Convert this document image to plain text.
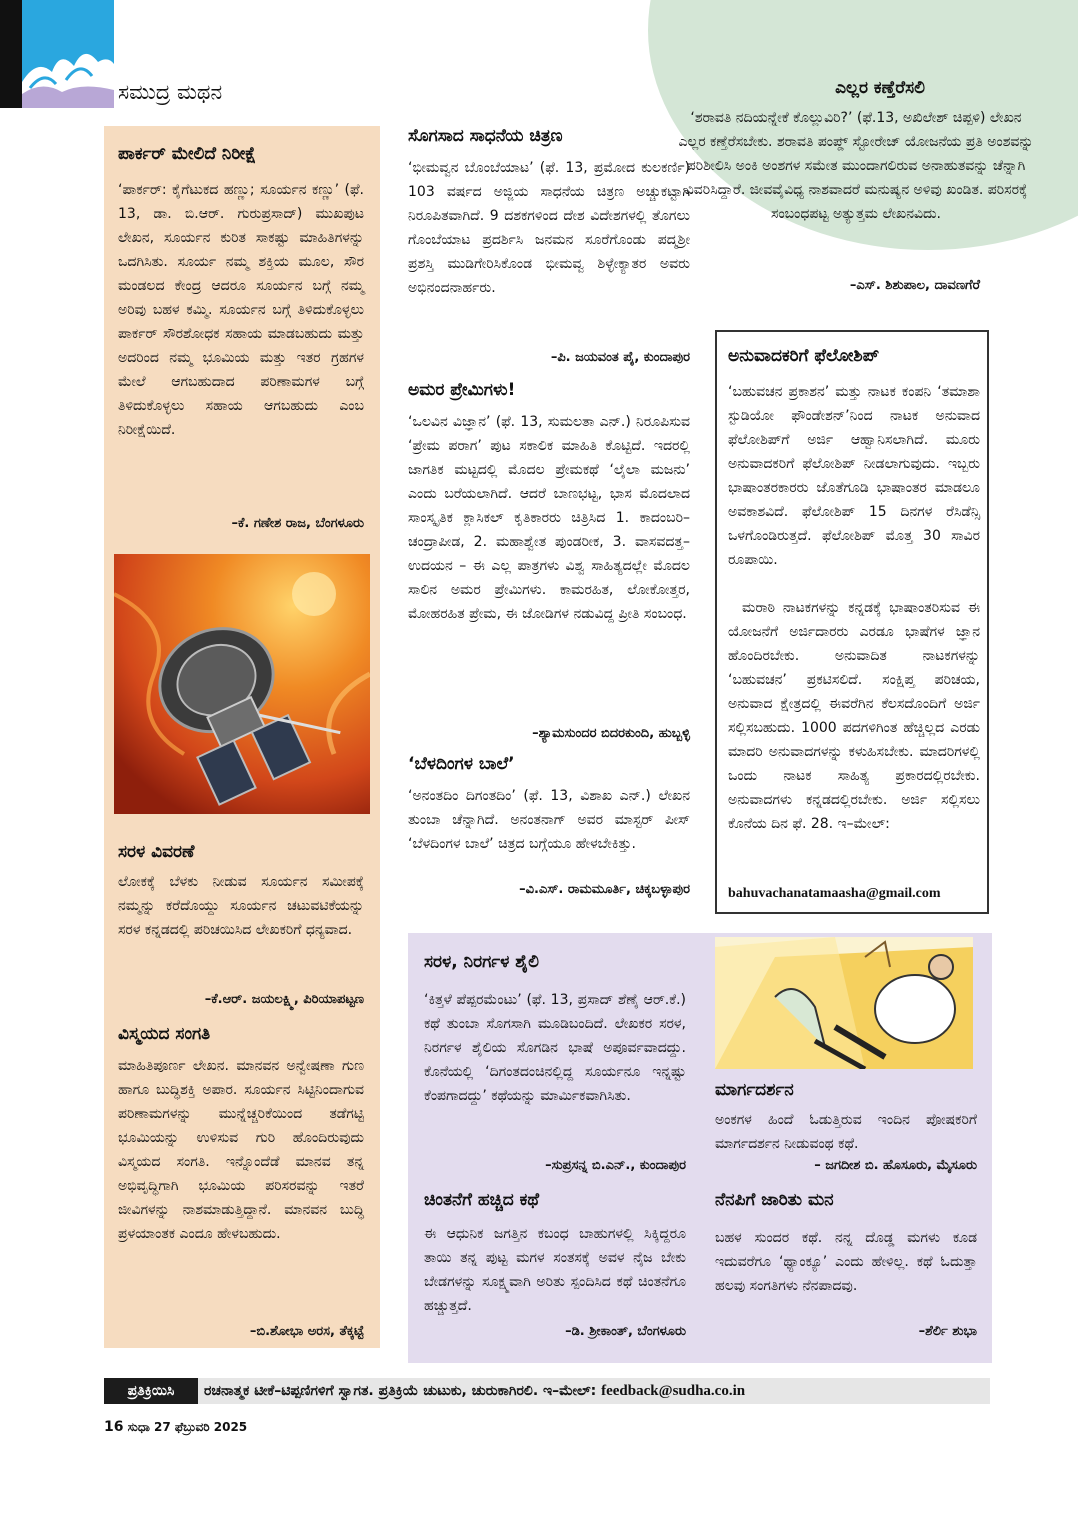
ಸಮುದ್ರ ಮಥನ
ಪಾರ್ಕರ್ ಮೇಲಿದೆ ನಿರೀಕ್ಷೆ

‘ಪಾರ್ಕರ್: ಕೈಗೆಟುಕದ ಹಣ್ಣು; ಸೂರ್ಯನ ಕಣ್ಣು’ (ಫೆ. 13, ಡಾ. ಬಿ.ಆರ್. ಗುರುಪ್ರಸಾದ್) ಮುಖಪುಟ ಲೇಖನ, ಸೂರ್ಯನ ಕುರಿತ ಸಾಕಷ್ಟು ಮಾಹಿತಿಗಳನ್ನು ಒದಗಿಸಿತು. ಸೂರ್ಯ ನಮ್ಮ ಶಕ್ತಿಯ ಮೂಲ, ಸೌರ ಮಂಡಲದ ಕೇಂದ್ರ ಆದರೂ ಸೂರ್ಯನ ಬಗ್ಗೆ ನಮ್ಮ ಅರಿವು ಬಹಳ ಕಮ್ಮಿ. ಸೂರ್ಯನ ಬಗ್ಗೆ ತಿಳಿದುಕೊಳ್ಳಲು ಪಾರ್ಕರ್ ಸೌರಶೋಧಕ ಸಹಾಯ ಮಾಡಬಹುದು ಮತ್ತು ಅದರಿಂದ ನಮ್ಮ ಭೂಮಿಯ ಮತ್ತು ಇತರ ಗ್ರಹಗಳ ಮೇಲೆ ಆಗಬಹುದಾದ ಪರಿಣಾಮಗಳ ಬಗ್ಗೆ ತಿಳಿದುಕೊಳ್ಳಲು ಸಹಾಯ ಆಗಬಹುದು ಎಂಬ ನಿರೀಕ್ಷೆಯಿದೆ.

–ಕೆ. ಗಣೇಶ ರಾಜ, ಬೆಂಗಳೂರು
ಸರಳ ವಿವರಣೆ

ಲೋಕಕ್ಕೆ ಬೆಳಕು ನೀಡುವ ಸೂರ್ಯನ ಸಮೀಪಕ್ಕೆ ನಮ್ಮನ್ನು ಕರೆದೊಯ್ದು ಸೂರ್ಯನ ಚಟುವಟಿಕೆಯನ್ನು ಸರಳ ಕನ್ನಡದಲ್ಲಿ ಪರಿಚಯಿಸಿದ ಲೇಖಕರಿಗೆ ಧನ್ಯವಾದ.

–ಕೆ.ಆರ್. ಜಯಲಕ್ಷ್ಮಿ, ಪಿರಿಯಾಪಟ್ಟಣ
ವಿಸ್ಮಯದ ಸಂಗತಿ

ಮಾಹಿತಿಪೂರ್ಣ ಲೇಖನ. ಮಾನವನ ಅನ್ವೇಷಣಾ ಗುಣ ಹಾಗೂ ಬುದ್ಧಿಶಕ್ತಿ ಅಪಾರ. ಸೂರ್ಯನ ಸಿಟ್ಟಿನಿಂದಾಗುವ ಪರಿಣಾಮಗಳನ್ನು ಮುನ್ನೆಚ್ಚರಿಕೆಯಿಂದ ತಡೆಗಟ್ಟಿ ಭೂಮಿಯನ್ನು ಉಳಿಸುವ ಗುರಿ ಹೊಂದಿರುವುದು ವಿಸ್ಮಯದ ಸಂಗತಿ. ಇನ್ನೊಂದೆಡೆ ಮಾನವ ತನ್ನ ಅಭಿವೃದ್ಧಿಗಾಗಿ ಭೂಮಿಯ ಪರಿಸರವನ್ನು ಇತರೆ ಜೀವಿಗಳನ್ನು ನಾಶಮಾಡುತ್ತಿದ್ದಾನೆ. ಮಾನವನ ಬುದ್ಧಿ ಪ್ರಳಯಾಂತಕ ಎಂದೂ ಹೇಳಬಹುದು.

–ಬಿ.ಶೋಭಾ ಅರಸ, ತೆಕ್ಕಟ್ಟೆ
ಸೊಗಸಾದ ಸಾಧನೆಯ ಚಿತ್ರಣ

‘ಭೀಮವ್ವನ ಬೊಂಬೆಯಾಟ’ (ಫೆ. 13, ಪ್ರಮೋದ ಕುಲಕರ್ಣಿ) 103 ವರ್ಷದ ಅಜ್ಜಿಯ ಸಾಧನೆಯ ಚಿತ್ರಣ ಅಚ್ಚುಕಟ್ಟಾಗಿ ನಿರೂಪಿತವಾಗಿದೆ. 9 ದಶಕಗಳಿಂದ ದೇಶ ವಿದೇಶಗಳಲ್ಲಿ ತೊಗಲು ಗೊಂಬೆಯಾಟ ಪ್ರದರ್ಶಿಸಿ ಜನಮನ ಸೂರೆಗೊಂಡು ಪದ್ಮಶ್ರೀ ಪ್ರಶಸ್ತಿ ಮುಡಿಗೇರಿಸಿಕೊಂಡ ಭೀಮವ್ವ ಶಿಳ್ಳೇಕ್ಯಾತರ ಅವರು ಅಭಿನಂದನಾರ್ಹರು.

–ಪಿ. ಜಯವಂತ ಪೈ, ಕುಂದಾಪುರ
ಅಮರ ಪ್ರೇಮಿಗಳು!

‘ಒಲವಿನ ವಿಜ್ಞಾನ’ (ಫೆ. 13, ಸುಮಲತಾ ಎನ್.) ನಿರೂಪಿಸುವ ‘ಪ್ರೇಮ ಪರಾಗ’ ಪುಟ ಸಕಾಲಿಕ ಮಾಹಿತಿ ಕೊಟ್ಟಿದೆ. ಇದರಲ್ಲಿ ಜಾಗತಿಕ ಮಟ್ಟದಲ್ಲಿ ಮೊದಲ ಪ್ರೇಮಕಥೆ ‘ಲೈಲಾ ಮಜನು’ ಎಂದು ಬರೆಯಲಾಗಿದೆ. ಆದರೆ ಬಾಣಭಟ್ಟ, ಭಾಸ ಮೊದಲಾದ ಸಾಂಸ್ಕೃತಿಕ ಕ್ಲಾಸಿಕಲ್ ಕೃತಿಕಾರರು ಚಿತ್ರಿಸಿದ 1. ಕಾದಂಬರಿ–ಚಂದ್ರಾಪೀಡ, 2. ಮಹಾಶ್ವೇತ ಪುಂಡರೀಕ, 3. ವಾಸವದತ್ತ–ಉದಯನ – ಈ ಎಲ್ಲ ಪಾತ್ರಗಳು ವಿಶ್ವ ಸಾಹಿತ್ಯದಲ್ಲೇ ಮೊದಲ ಸಾಲಿನ ಅಮರ ಪ್ರೇಮಿಗಳು. ಕಾಮರಹಿತ, ಲೋಕೋತ್ತರ, ಮೋಹರಹಿತ ಪ್ರೇಮ, ಈ ಜೋಡಿಗಳ ನಡುವಿದ್ದ ಪ್ರೀತಿ ಸಂಬಂಧ.

–ಶ್ಯಾಮಸುಂದರ ಬಿದರಕುಂದಿ, ಹುಬ್ಬಳ್ಳಿ
‘ಬೆಳದಿಂಗಳ ಬಾಲೆ’

‘ಅನಂತದಿಂ ದಿಗಂತದಿಂ’ (ಫೆ. 13, ವಿಶಾಖ ಎನ್.) ಲೇಖನ ತುಂಬಾ ಚೆನ್ನಾಗಿದೆ. ಅನಂತನಾಗ್ ಅವರ ಮಾಸ್ಟರ್ ಪೀಸ್ ‘ಬೆಳದಿಂಗಳ ಬಾಲೆ’ ಚಿತ್ರದ ಬಗ್ಗೆಯೂ ಹೇಳಬೇಕಿತ್ತು.

–ವಿ.ಎಸ್. ರಾಮಮೂರ್ತಿ, ಚಿಕ್ಕಬಳ್ಳಾಪುರ
ಎಲ್ಲರ ಕಣ್ತೆರೆಸಲಿ

‘ಶರಾವತಿ ನದಿಯನ್ನೇಕೆ ಕೊಲ್ಲುವಿರಿ?’ (ಫೆ.13, ಅಖಿಲೇಶ್ ಚಿಪ್ಪಳಿ) ಲೇಖನ ಎಲ್ಲರ ಕಣ್ತೆರೆಸಬೇಕು. ಶರಾವತಿ ಪಂಪ್ಡ್ ಸ್ಟೋರೇಜ್ ಯೋಜನೆಯ ಪ್ರತಿ ಅಂಶವನ್ನು ಪರಿಶೀಲಿಸಿ ಅಂಕಿ ಅಂಶಗಳ ಸಮೇತ ಮುಂದಾಗಲಿರುವ ಅನಾಹುತವನ್ನು ಚೆನ್ನಾಗಿ ವಿವರಿಸಿದ್ದಾರೆ. ಜೀವವೈವಿಧ್ಯ ನಾಶವಾದರೆ ಮನುಷ್ಯನ ಅಳಿವು ಖಂಡಿತ. ಪರಿಸರಕ್ಕೆ ಸಂಬಂಧಪಟ್ಟ ಅತ್ಯುತ್ತಮ ಲೇಖನವಿದು.

–ಎಸ್. ಶಿಶುಪಾಲ, ದಾವಣಗೆರೆ
ಅನುವಾದಕರಿಗೆ ಫೆಲೋಶಿಪ್

‘ಬಹುವಚನ ಪ್ರಕಾಶನ’ ಮತ್ತು ನಾಟಕ ಕಂಪನಿ ‘ತಮಾಶಾ ಸ್ಟುಡಿಯೋ ಫೌಂಡೇಶನ್’ನಿಂದ ನಾಟಕ ಅನುವಾದ ಫೆಲೋಶಿಪ್‌ಗೆ ಅರ್ಜಿ ಆಹ್ವಾನಿಸಲಾಗಿದೆ. ಮೂರು ಅನುವಾದಕರಿಗೆ ಫೆಲೋಶಿಪ್ ನೀಡಲಾಗುವುದು. ಇಬ್ಬರು ಭಾಷಾಂತರಕಾರರು ಜೊತೆಗೂಡಿ ಭಾಷಾಂತರ ಮಾಡಲೂ ಅವಕಾಶವಿದೆ. ಫೆಲೋಶಿಪ್ 15 ದಿನಗಳ ರೆಸಿಡೆನ್ಸಿ ಒಳಗೊಂಡಿರುತ್ತದೆ. ಫೆಲೋಶಿಪ್ ಮೊತ್ತ 30 ಸಾವಿರ ರೂಪಾಯಿ.

ಮರಾಠಿ ನಾಟಕಗಳನ್ನು ಕನ್ನಡಕ್ಕೆ ಭಾಷಾಂತರಿಸುವ ಈ ಯೋಜನೆಗೆ ಅರ್ಜಿದಾರರು ಎರಡೂ ಭಾಷೆಗಳ ಜ್ಞಾನ ಹೊಂದಿರಬೇಕು. ಅನುವಾದಿತ ನಾಟಕಗಳನ್ನು ‘ಬಹುವಚನ’ ಪ್ರಕಟಿಸಲಿದೆ. ಸಂಕ್ಷಿಪ್ತ ಪರಿಚಯ, ಅನುವಾದ ಕ್ಷೇತ್ರದಲ್ಲಿ ಈವರೆಗಿನ ಕೆಲಸದೊಂದಿಗೆ ಅರ್ಜಿ ಸಲ್ಲಿಸಬಹುದು. 1000 ಪದಗಳಿಗಿಂತ ಹೆಚ್ಚಿಲ್ಲದ ಎರಡು ಮಾದರಿ ಅನುವಾದಗಳನ್ನು ಕಳುಹಿಸಬೇಕು. ಮಾದರಿಗಳಲ್ಲಿ ಒಂದು ನಾಟಕ ಸಾಹಿತ್ಯ ಪ್ರಕಾರದಲ್ಲಿರಬೇಕು. ಅನುವಾದಗಳು ಕನ್ನಡದಲ್ಲಿರಬೇಕು. ಅರ್ಜಿ ಸಲ್ಲಿಸಲು ಕೊನೆಯ ದಿನ ಫೆ. 28. ಇ–ಮೇಲ್:

bahuvachanatamaasha@gmail.com
ಸರಳ, ನಿರರ್ಗಳ ಶೈಲಿ

‘ಕಿತ್ತಳೆ ಪೆಪ್ಪರಮೆಂಟು’ (ಫೆ. 13, ಪ್ರಸಾದ್ ಶೆಣೈ ಆರ್.ಕೆ.) ಕಥೆ ತುಂಬಾ ಸೊಗಸಾಗಿ ಮೂಡಿಬಂದಿದೆ. ಲೇಖಕರ ಸರಳ, ನಿರರ್ಗಳ ಶೈಲಿಯ ಸೊಗಡಿನ ಭಾಷೆ ಅಪೂರ್ವವಾದದ್ದು. ಕೊನೆಯಲ್ಲಿ ‘ದಿಗಂತದಂಚಿನಲ್ಲಿದ್ದ ಸೂರ್ಯನೂ ಇನ್ನಷ್ಟು ಕೆಂಪಗಾದದ್ದು’ ಕಥೆಯನ್ನು ಮಾರ್ಮಿಕವಾಗಿಸಿತು.

–ಸುಪ್ರಸನ್ನ ಬಿ.ಎನ್., ಕುಂದಾಪುರ
ಚಿಂತನೆಗೆ ಹಚ್ಚಿದ ಕಥೆ

ಈ ಆಧುನಿಕ ಜಗತ್ತಿನ ಕಬಂಧ ಬಾಹುಗಳಲ್ಲಿ ಸಿಕ್ಕಿದ್ದರೂ ತಾಯಿ ತನ್ನ ಪುಟ್ಟ ಮಗಳ ಸಂತಸಕ್ಕೆ ಅವಳ ನೈಜ ಬೇಕು ಬೇಡಗಳನ್ನು ಸೂಕ್ಷ್ಮವಾಗಿ ಅರಿತು ಸ್ಪಂದಿಸಿದ ಕಥೆ ಚಿಂತನೆಗೂ ಹಚ್ಚುತ್ತದೆ.

–ಡಿ. ಶ್ರೀಕಾಂತ್, ಬೆಂಗಳೂರು
ಮಾರ್ಗದರ್ಶನ

ಅಂಕಗಳ ಹಿಂದೆ ಓಡುತ್ತಿರುವ ಇಂದಿನ ಪೋಷಕರಿಗೆ ಮಾರ್ಗದರ್ಶನ ನೀಡುವಂಥ ಕಥೆ.

– ಜಗದೀಶ ಬಿ. ಹೊಸೂರು, ಮೈಸೂರು
ನೆನಪಿಗೆ ಜಾರಿತು ಮನ

ಬಹಳ ಸುಂದರ ಕಥೆ. ನನ್ನ ದೊಡ್ಡ ಮಗಳು ಕೂಡ ಇದುವರೆಗೂ ‘ಥ್ಯಾಂಕ್ಯೂ’ ಎಂದು ಹೇಳಿಲ್ಲ. ಕಥೆ ಓದುತ್ತಾ ಹಲವು ಸಂಗತಿಗಳು ನೆನಪಾದವು.

–ಶೆರ್ಲಿ ಶುಭಾ
ಪ್ರತಿಕ್ರಿಯಿಸಿ	ರಚನಾತ್ಮಕ ಟೀಕೆ–ಟಿಪ್ಪಣಿಗಳಿಗೆ ಸ್ವಾಗತ. ಪ್ರತಿಕ್ರಿಯೆ ಚುಟುಕು, ಚುರುಕಾಗಿರಲಿ. ಇ–ಮೇಲ್: feedback@sudha.co.in
16 ಸುಧಾ 27 ಫೆಬ್ರುವರಿ 2025
